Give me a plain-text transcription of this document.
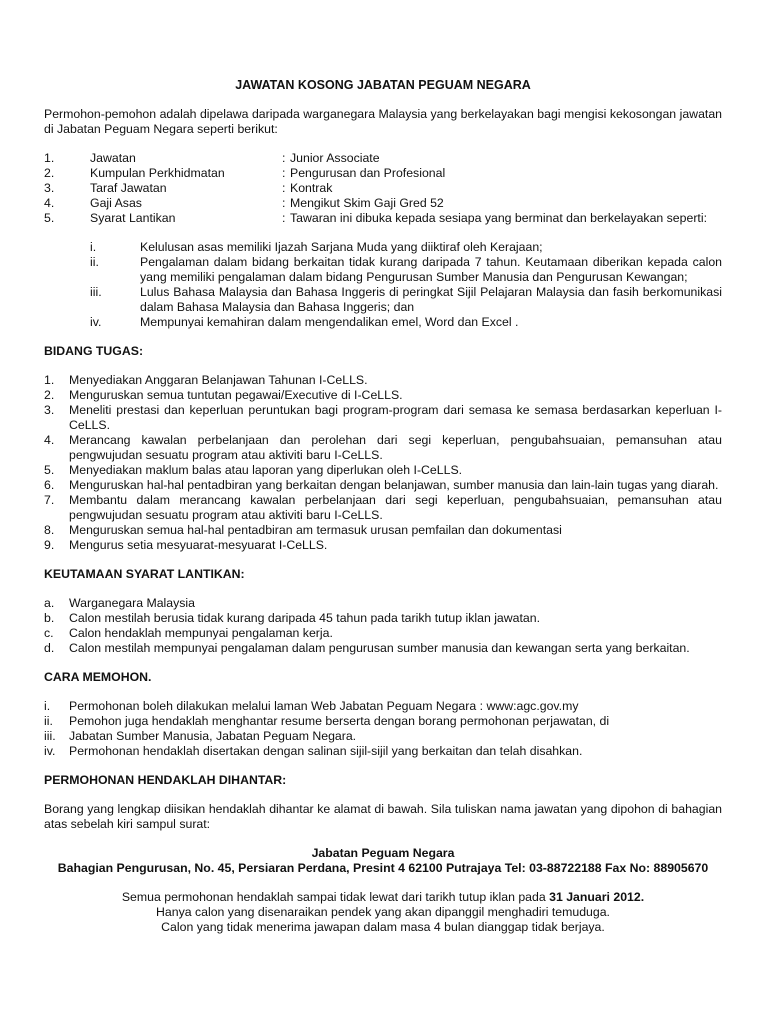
JAWATAN KOSONG JABATAN PEGUAM NEGARA
Permohon-pemohon adalah dipelawa daripada warganegara Malaysia yang berkelayakan bagi mengisi kekosongan jawatan di Jabatan Peguam Negara seperti berikut:
1.	Jawatan	: Junior Associate
2.	Kumpulan Perkhidmatan	: Pengurusan dan Profesional
3.	Taraf Jawatan	: Kontrak
4.	Gaji Asas	: Mengikut Skim Gaji Gred 52
5.	Syarat Lantikan	: Tawaran ini dibuka kepada sesiapa yang berminat dan berkelayakan seperti:
i.	Kelulusan asas memiliki Ijazah Sarjana Muda yang diiktiraf oleh Kerajaan;
ii.	Pengalaman dalam bidang berkaitan tidak kurang daripada 7 tahun. Keutamaan diberikan kepada calon yang memiliki pengalaman dalam bidang Pengurusan Sumber Manusia dan Pengurusan Kewangan;
iii.	Lulus Bahasa Malaysia dan Bahasa Inggeris di peringkat Sijil Pelajaran Malaysia dan fasih berkomunikasi dalam Bahasa Malaysia dan Bahasa Inggeris; dan
iv.	Mempunyai kemahiran dalam mengendalikan emel, Word dan Excel .
BIDANG TUGAS:
1.	Menyediakan Anggaran Belanjawan Tahunan I-CeLLS.
2.	Menguruskan semua tuntutan pegawai/Executive di I-CeLLS.
3.	Meneliti prestasi dan keperluan peruntukan bagi program-program dari semasa ke semasa berdasarkan keperluan I-CeLLS.
4.	Merancang kawalan perbelanjaan dan perolehan dari segi keperluan, pengubahsuaian, pemansuhan atau pengwujudan sesuatu program atau aktiviti baru I-CeLLS.
5.	Menyediakan maklum balas atau laporan yang diperlukan oleh I-CeLLS.
6.	Menguruskan hal-hal pentadbiran yang berkaitan dengan belanjawan, sumber manusia dan lain-lain tugas yang diarah.
7.	Membantu dalam merancang kawalan perbelanjaan dari segi keperluan, pengubahsuaian, pemansuhan atau pengwujudan sesuatu program atau aktiviti baru I-CeLLS.
8.	Menguruskan semua hal-hal pentadbiran am termasuk urusan pemfailan dan dokumentasi
9.	Mengurus setia mesyuarat-mesyuarat I-CeLLS.
KEUTAMAAN SYARAT LANTIKAN:
a.	Warganegara Malaysia
b.	Calon mestilah berusia tidak kurang daripada 45 tahun pada tarikh tutup iklan jawatan.
c.	Calon hendaklah mempunyai pengalaman kerja.
d.	Calon mestilah mempunyai pengalaman dalam pengurusan sumber manusia dan kewangan serta yang berkaitan.
CARA MEMOHON.
i.	Permohonan boleh dilakukan melalui laman Web Jabatan Peguam Negara : www:agc.gov.my
ii.	Pemohon juga hendaklah menghantar resume berserta dengan borang permohonan perjawatan, di
iii.	Jabatan Sumber Manusia, Jabatan Peguam Negara.
iv.	Permohonan hendaklah disertakan dengan salinan sijil-sijil yang berkaitan dan telah disahkan.
PERMOHONAN HENDAKLAH DIHANTAR:
Borang yang lengkap diisikan hendaklah dihantar ke alamat di bawah. Sila tuliskan nama jawatan yang dipohon di bahagian atas sebelah kiri sampul surat:
Jabatan Peguam Negara
Bahagian Pengurusan, No. 45, Persiaran Perdana, Presint 4 62100 Putrajaya Tel: 03-88722188 Fax No: 88905670
Semua permohonan hendaklah sampai tidak lewat dari tarikh tutup iklan pada 31 Januari 2012.
Hanya calon yang disenaraikan pendek yang akan dipanggil menghadiri temuduga.
Calon yang tidak menerima jawapan dalam masa 4 bulan dianggap tidak berjaya.
